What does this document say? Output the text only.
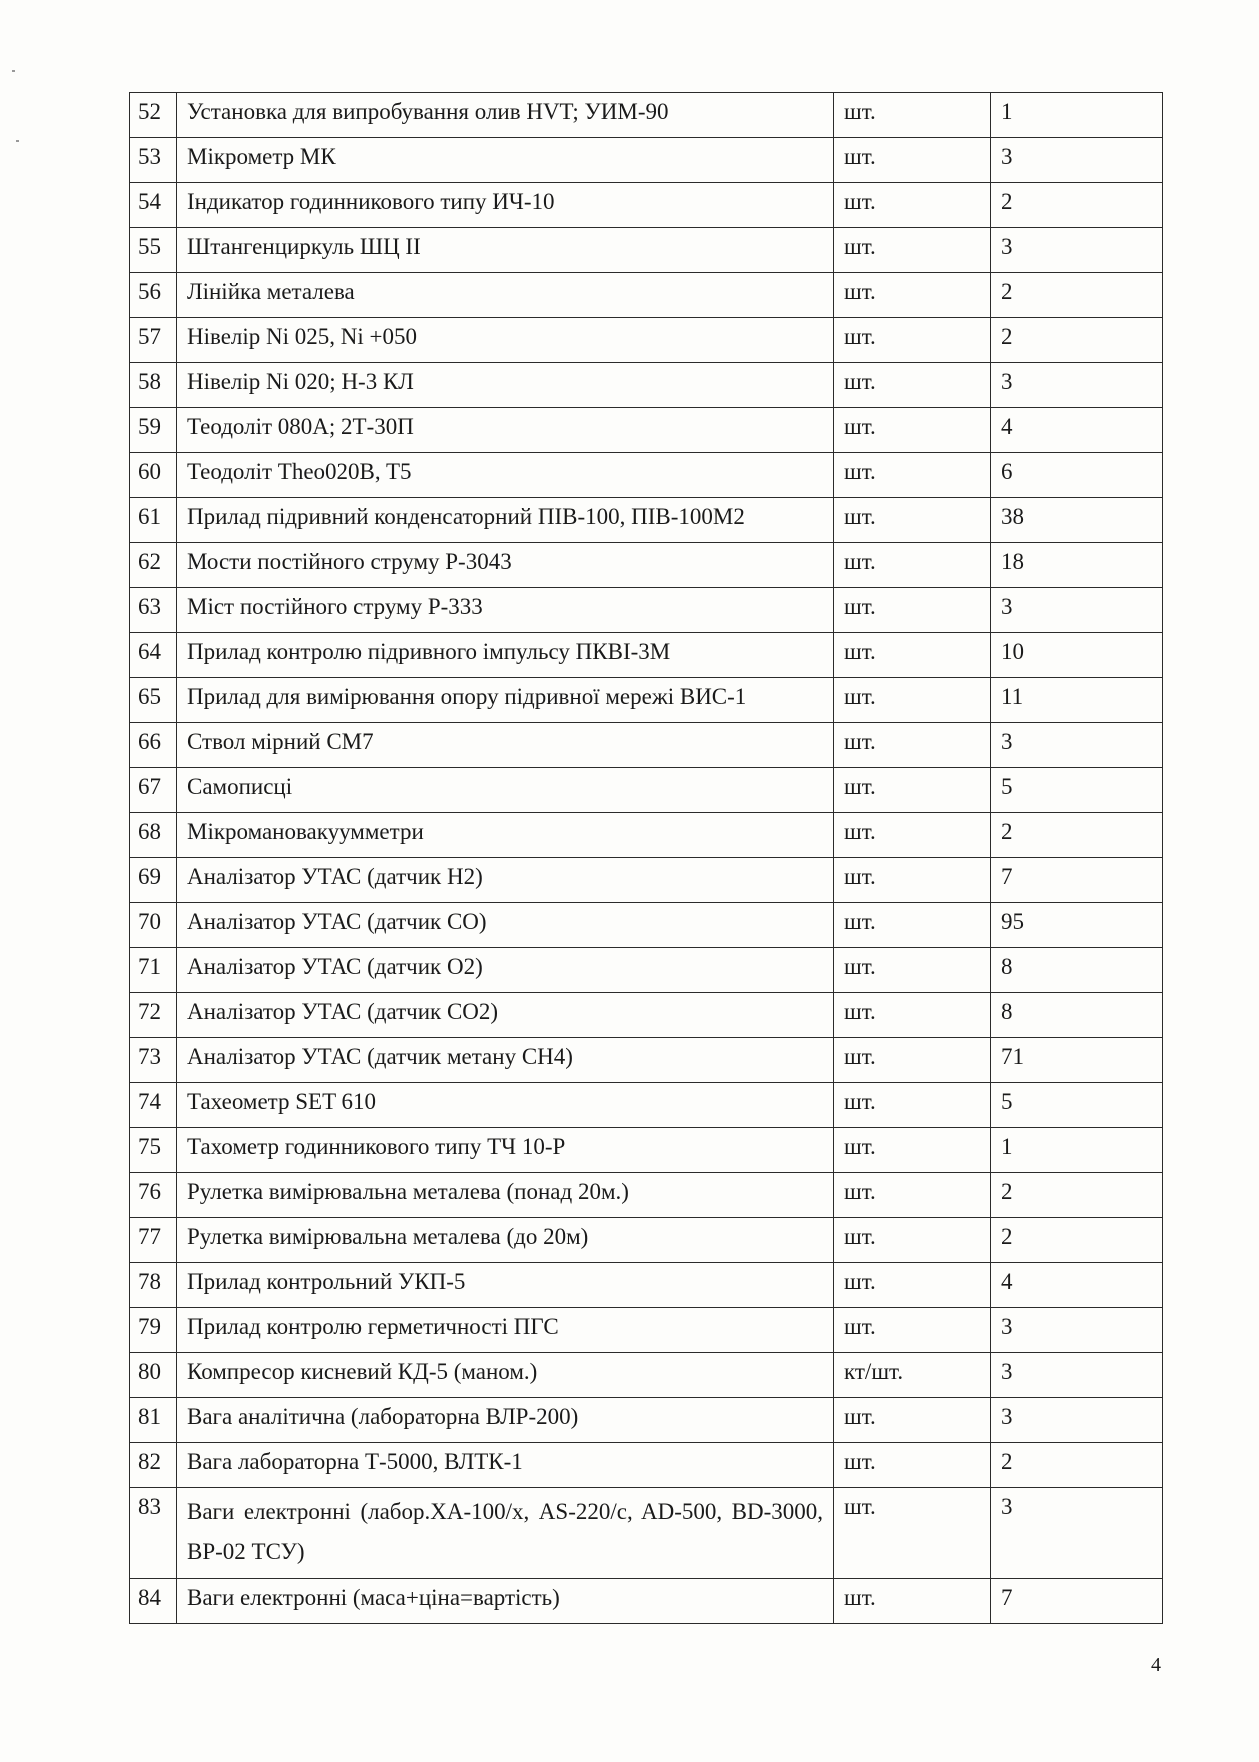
52	Установка для випробування олив HVT; УИМ-90	шт.	1
53	Мікрометр МК	шт.	3
54	Індикатор годинникового типу ИЧ-10	шт.	2
55	Штангенциркуль ШЦ II	шт.	3
56	Лінійка металева	шт.	2
57	Нівелір Ni 025, Ni +050	шт.	2
58	Нівелір Ni 020; Н-3 КЛ	шт.	3
59	Теодоліт 080А; 2Т-30П	шт.	4
60	Теодоліт Theo020B, T5	шт.	6
61	Прилад підривний конденсаторний ПІВ-100, ПІВ-100М2	шт.	38
62	Мости постійного струму Р-3043	шт.	18
63	Міст постійного струму Р-333	шт.	3
64	Прилад контролю підривного імпульсу ПКВІ-3М	шт.	10
65	Прилад для вимірювання опору підривної мережі ВИС-1	шт.	11
66	Ствол мірний СМ7	шт.	3
67	Самописці	шт.	5
68	Мікромановакуумметри	шт.	2
69	Аналізатор УТАС (датчик Н2)	шт.	7
70	Аналізатор УТАС (датчик СО)	шт.	95
71	Аналізатор УТАС (датчик О2)	шт.	8
72	Аналізатор УТАС (датчик СО2)	шт.	8
73	Аналізатор УТАС (датчик метану СН4)	шт.	71
74	Тахеометр SET 610	шт.	5
75	Тахометр годинникового типу ТЧ 10-Р	шт.	1
76	Рулетка вимірювальна металева (понад 20м.)	шт.	2
77	Рулетка вимірювальна металева (до 20м)	шт.	2
78	Прилад контрольний УКП-5	шт.	4
79	Прилад контролю герметичності ПГС	шт.	3
80	Компресор кисневий КД-5 (маном.)	кт/шт.	3
81	Вага аналітична (лабораторна ВЛР-200)	шт.	3
82	Вага лабораторна Т-5000, ВЛТК-1	шт.	2
83	Ваги електронні (лабор.ХА-100/х, AS-220/c, AD-500, BD-3000, BP-02 ТСУ)	шт.	3
84	Ваги електронні (маса+ціна=вартість)	шт.	7
4
